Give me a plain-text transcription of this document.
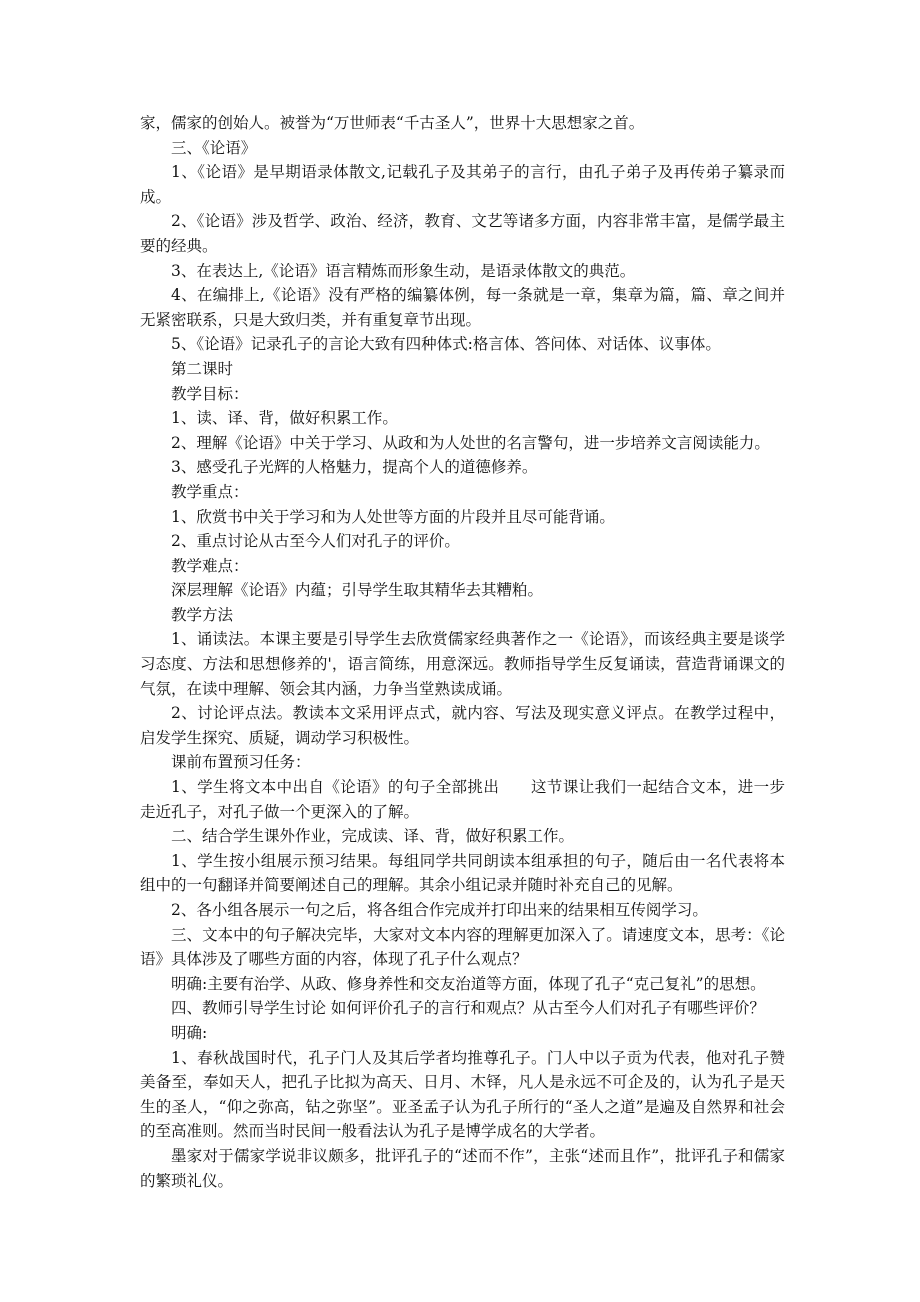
家，儒家的创始人。被誉为“万世师表“千古圣人”，世界十大思想家之首。

三、《论语》

1、《论语》是早期语录体散文,记载孔子及其弟子的言行，由孔子弟子及再传弟子纂录而成。

2、《论语》涉及哲学、政治、经济，教育、文艺等诸多方面，内容非常丰富，是儒学最主要的经典。

3、在表达上,《论语》语言精炼而形象生动，是语录体散文的典范。

4、在编排上,《论语》没有严格的编纂体例，每一条就是一章，集章为篇，篇、章之间并无紧密联系，只是大致归类，并有重复章节出现。

5、《论语》记录孔子的言论大致有四种体式:格言体、答问体、对话体、议事体。

第二课时

教学目标：

1、读、译、背，做好积累工作。

2、理解《论语》中关于学习、从政和为人处世的名言警句，进一步培养文言阅读能力。

3、感受孔子光辉的人格魅力，提高个人的道德修养。

教学重点：

1、欣赏书中关于学习和为人处世等方面的片段并且尽可能背诵。

2、重点讨论从古至今人们对孔子的评价。

教学难点：

深层理解《论语》内蕴；引导学生取其精华去其糟粕。

教学方法

1、诵读法。本课主要是引导学生去欣赏儒家经典著作之一《论语》，而该经典主要是谈学习态度、方法和思想修养的'，语言简练，用意深远。教师指导学生反复诵读，营造背诵课文的气氛，在读中理解、领会其内涵，力争当堂熟读成诵。

2、讨论评点法。教读本文采用评点式，就内容、写法及现实意义评点。在教学过程中，启发学生探究、质疑，调动学习积极性。

课前布置预习任务：

1、学生将文本中出自《论语》的句子全部挑出　　这节课让我们一起结合文本，进一步走近孔子，对孔子做一个更深入的了解。

二、结合学生课外作业，完成读、译、背，做好积累工作。

1、学生按小组展示预习结果。每组同学共同朗读本组承担的句子，随后由一名代表将本组中的一句翻译并简要阐述自己的理解。其余小组记录并随时补充自己的见解。

2、各小组各展示一句之后，将各组合作完成并打印出来的结果相互传阅学习。

三、文本中的句子解决完毕，大家对文本内容的理解更加深入了。请速度文本，思考：《论语》具体涉及了哪些方面的内容，体现了孔子什么观点？

明确:主要有治学、从政、修身养性和交友治道等方面，体现了孔子“克己复礼”的思想。

四、教师引导学生讨论 如何评价孔子的言行和观点？从古至今人们对孔子有哪些评价？

明确:

1、春秋战国时代，孔子门人及其后学者均推尊孔子。门人中以子贡为代表，他对孔子赞美备至，奉如天人，把孔子比拟为高天、日月、木铎，凡人是永远不可企及的，认为孔子是天生的圣人，“仰之弥高，钻之弥坚”。亚圣孟子认为孔子所行的“圣人之道”是遍及自然界和社会的至高准则。然而当时民间一般看法认为孔子是博学成名的大学者。

墨家对于儒家学说非议颇多，批评孔子的“述而不作”，主张“述而且作”，批评孔子和儒家的繁琐礼仪。
